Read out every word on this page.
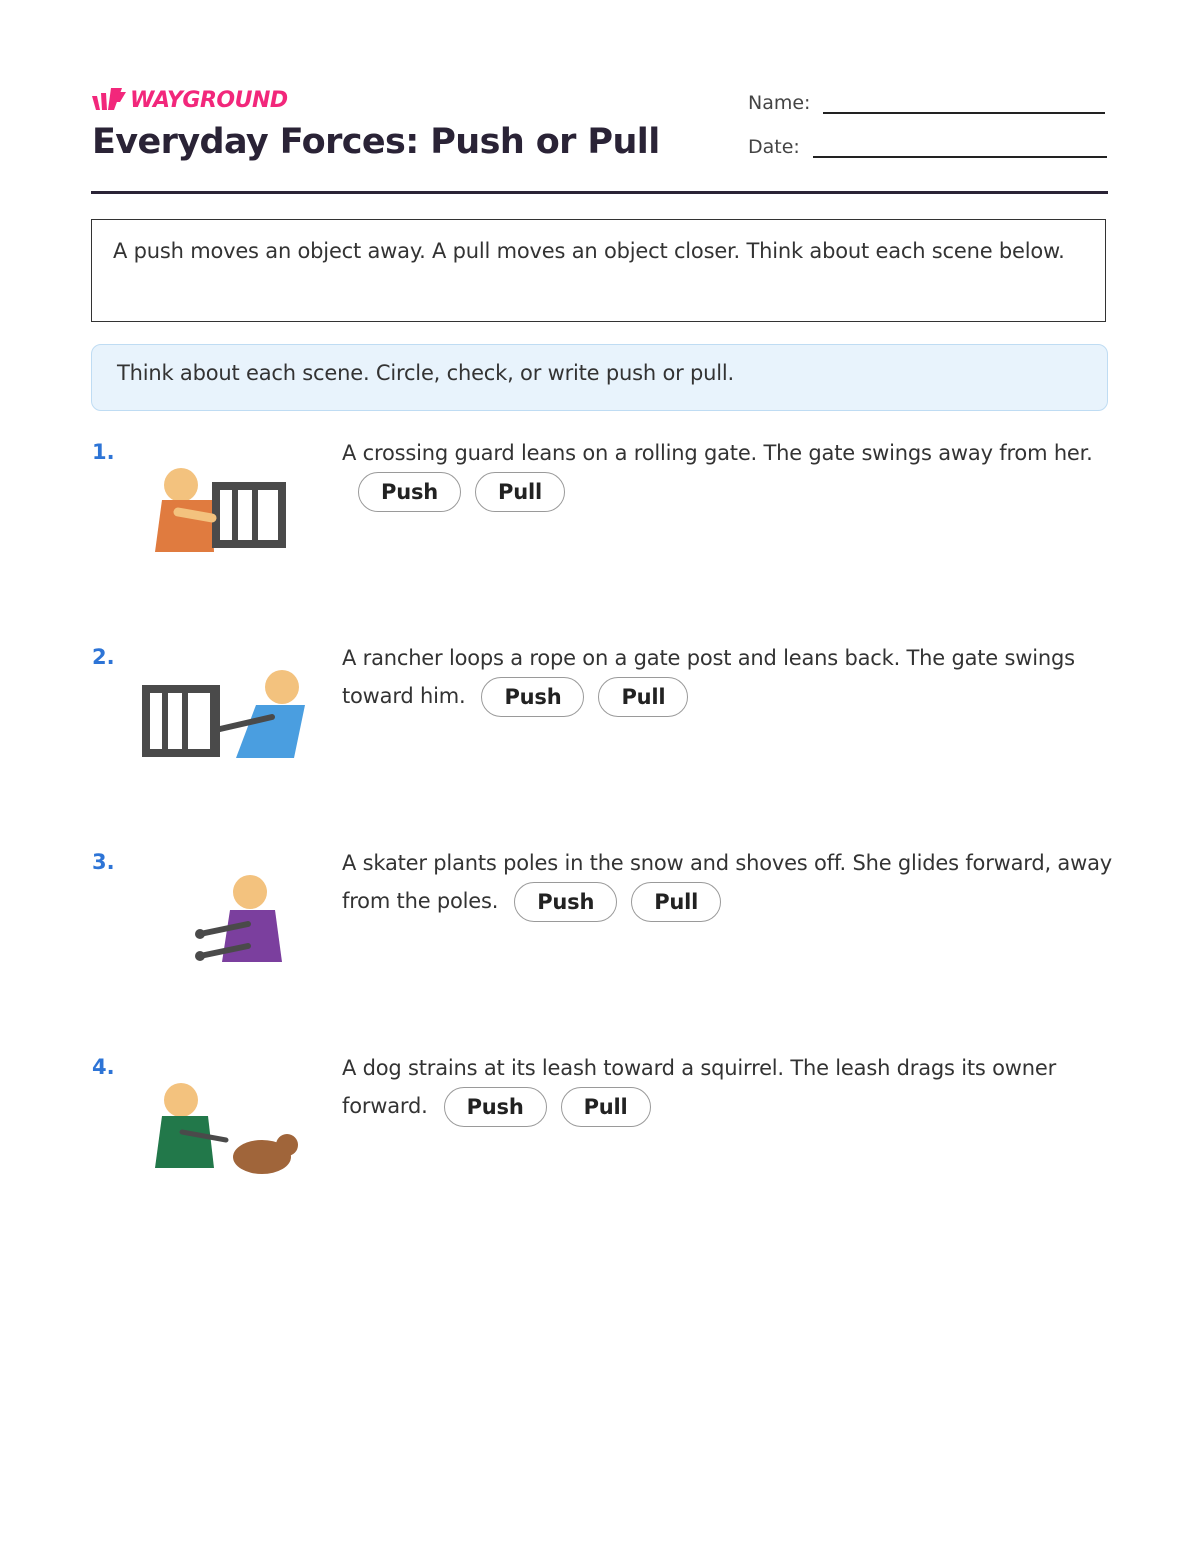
WAYGROUND
Everyday Forces: Push or Pull
Name:
Date:
A push moves an object away. A pull moves an object closer. Think about each scene below.
Think about each scene. Circle, check, or write push or pull.
1.	A crossing guard leans on a rolling gate. The gate swings away from her.Push	Pull
2.	A rancher loops a rope on a gate post and leans back. The gate swings toward him. Push	Pull
3.	A skater plants poles in the snow and shoves off. She glides forward, away from the poles. Push	Pull
4.	A dog strains at its leash toward a squirrel. The leash drags its owner forward. Push	Pull
